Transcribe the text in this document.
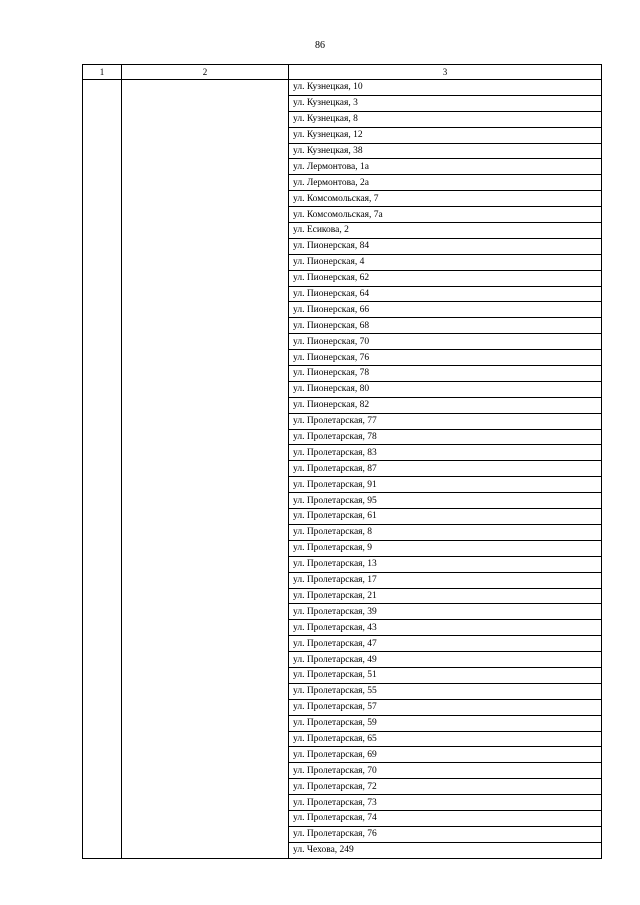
86
1	2	3
		ул. Кузнецкая, 10
		ул. Кузнецкая, 3
		ул. Кузнецкая, 8
		ул. Кузнецкая, 12
		ул. Кузнецкая, 38
		ул. Лермонтова, 1а
		ул. Лермонтова, 2а
		ул. Комсомольская, 7
		ул. Комсомольская, 7а
		ул. Есикова, 2
		ул. Пионерская, 84
		ул. Пионерская, 4
		ул. Пионерская, 62
		ул. Пионерская, 64
		ул. Пионерская, 66
		ул. Пионерская, 68
		ул. Пионерская, 70
		ул. Пионерская, 76
		ул. Пионерская, 78
		ул. Пионерская, 80
		ул. Пионерская, 82
		ул. Пролетарская, 77
		ул. Пролетарская, 78
		ул. Пролетарская, 83
		ул. Пролетарская, 87
		ул. Пролетарская, 91
		ул. Пролетарская, 95
		ул. Пролетарская, 61
		ул. Пролетарская, 8
		ул. Пролетарская, 9
		ул. Пролетарская, 13
		ул. Пролетарская, 17
		ул. Пролетарская, 21
		ул. Пролетарская, 39
		ул. Пролетарская, 43
		ул. Пролетарская, 47
		ул. Пролетарская, 49
		ул. Пролетарская, 51
		ул. Пролетарская, 55
		ул. Пролетарская, 57
		ул. Пролетарская, 59
		ул. Пролетарская, 65
		ул. Пролетарская, 69
		ул. Пролетарская, 70
		ул. Пролетарская, 72
		ул. Пролетарская, 73
		ул. Пролетарская, 74
		ул. Пролетарская, 76
		ул. Чехова, 249
